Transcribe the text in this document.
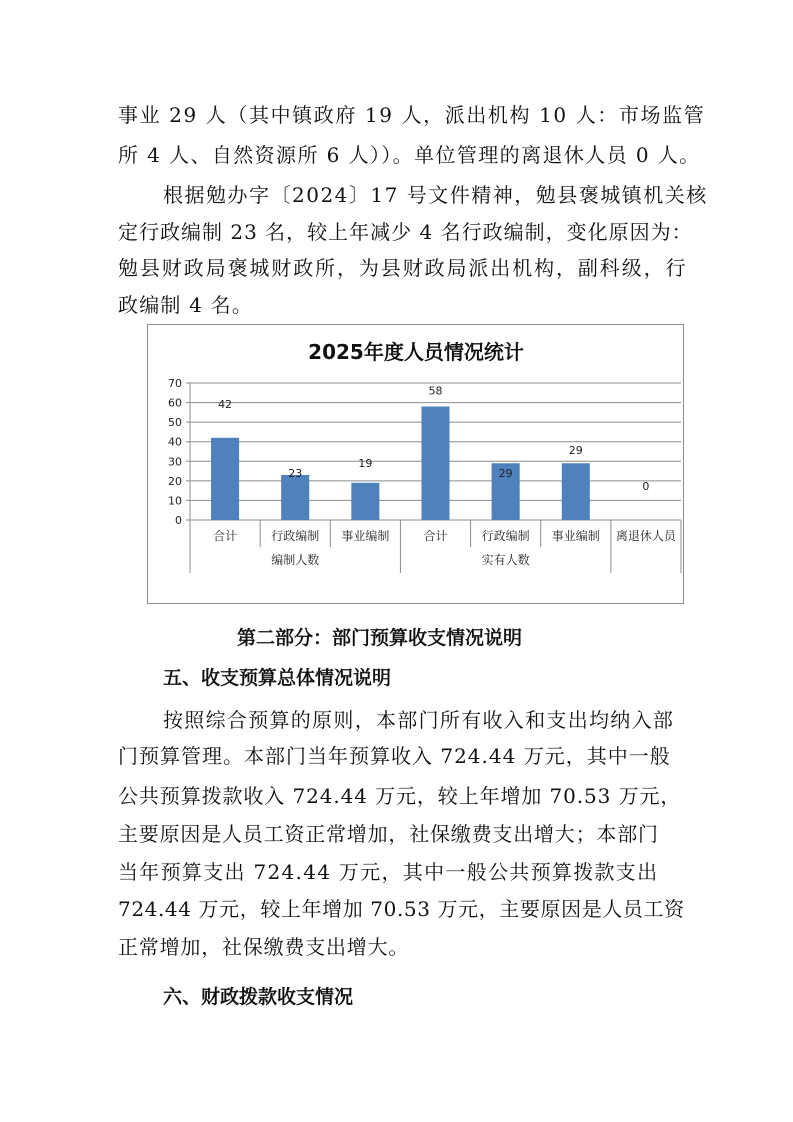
事业 29 人（其中镇政府 19 人，派出机构 10 人：市场监管
所 4 人、自然资源所 6 人））。单位管理的离退休人员 0 人。
根据勉办字〔2024〕17 号文件精神，勉县褒城镇机关核
定行政编制 23 名，较上年减少 4 名行政编制，变化原因为：
勉县财政局褒城财政所，为县财政局派出机构，副科级，行
政编制 4 名。
2025年度人员情况统计
0
10
20
30
40
50
60
70
42
合计
23
行政编制
19
事业编制
58
合计
29
行政编制
29
事业编制
0
离退休人员
编制人数	实有人数
第二部分：部门预算收支情况说明
五、收支预算总体情况说明
按照综合预算的原则，本部门所有收入和支出均纳入部
门预算管理。本部门当年预算收入 724.44 万元，其中一般
公共预算拨款收入 724.44 万元，较上年增加 70.53 万元，
主要原因是人员工资正常增加，社保缴费支出增大；本部门
当年预算支出 724.44 万元，其中一般公共预算拨款支出
724.44 万元，较上年增加 70.53 万元，主要原因是人员工资
正常增加，社保缴费支出增大。
六、财政拨款收支情况
